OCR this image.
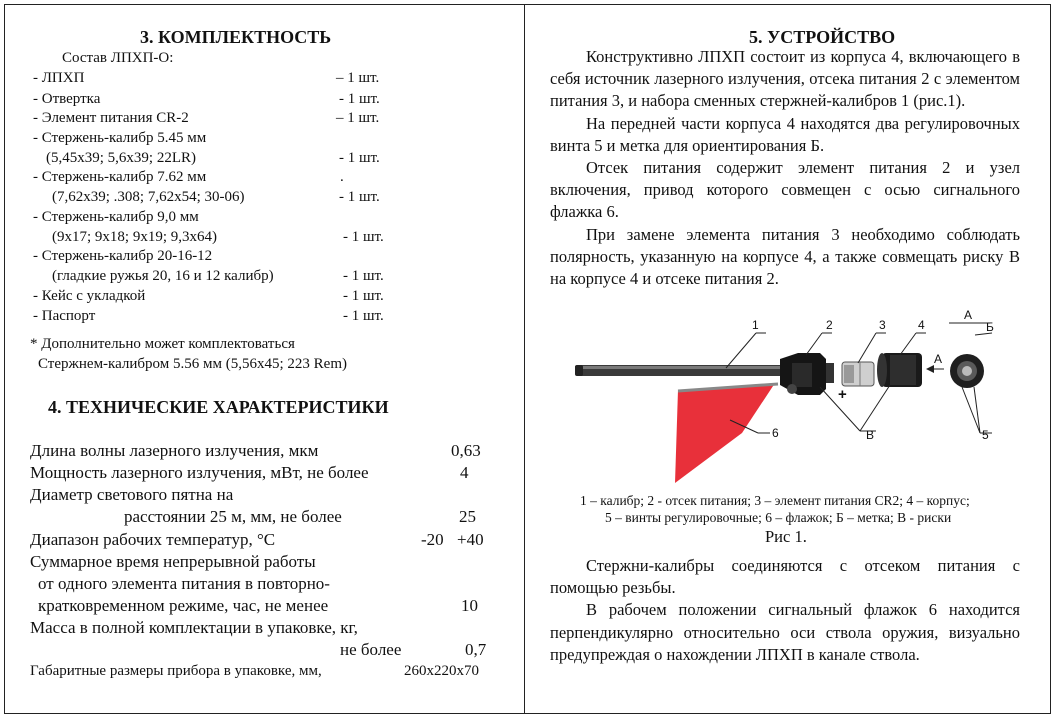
3. КОМПЛЕКТНОСТЬ
Состав ЛПХП-О:
- ЛПХП	– 1 шт.
- Отвертка	- 1 шт.
- Элемент питания CR-2	– 1 шт.
- Стержень-калибр 5.45 мм
(5,45х39; 5,6х39; 22LR)	- 1 шт.
- Стержень-калибр 7.62 мм	.
(7,62х39; .308; 7,62х54; 30-06)	- 1 шт.
- Стержень-калибр 9,0 мм
(9х17; 9х18; 9х19; 9,3х64)	- 1 шт.
- Стержень-калибр 20-16-12
(гладкие ружья 20, 16 и 12 калибр)	- 1 шт.
- Кейс с укладкой	- 1 шт.
- Паспорт	- 1 шт.
* Дополнительно может комплектоваться
Стержнем-калибром 5.56 мм (5,56х45; 223 Rem)
4. ТЕХНИЧЕСКИЕ ХАРАКТЕРИСТИКИ
Длина волны лазерного излучения, мкм	0,63
Мощность лазерного излучения, мВт, не более	4
Диаметр светового пятна на
расстоянии 25 м, мм, не более	25
Диапазон рабочих температур, °С	-20 +40
Суммарное время непрерывной работы
от одного элемента питания в повторно-
кратковременном режиме, час, не менее	10
Масса в полной комплектации в упаковке, кг,
не более	0,7
Габаритные размеры прибора в упаковке, мм,	260х220х70
5. УСТРОЙСТВО
Конструктивно ЛПХП состоит из корпуса 4, включающего в себя источник лазерного излучения, отсека питания 2 с элементом питания 3, и набора сменных стержней-калибров 1 (рис.1).
На передней части корпуса 4 находятся два регулировочных винта 5 и метка для ориентирования Б.
Отсек питания содержит элемент питания 2 и узел включения, привод которого совмещен с осью сигнального флажка 6.
При замене элемента питания 3 необходимо соблюдать полярность, указанную на корпусе 4, а также совмещать риску В на корпусе 4 и отсеке питания 2.
1	2	3	4
А
Б
А
+
6	В	5
1 – калибр; 2 - отсек питания; 3 – элемент питания CR2; 4 – корпус;
5 – винты регулировочные; 6 – флажок; Б – метка; В - риски
Рис 1.
Стержни-калибры соединяются с отсеком питания с помощью резьбы.
В рабочем положении сигнальный флажок 6 находится перпендикулярно относительно оси ствола оружия, визуально предупреждая о нахождении ЛПХП в канале ствола.
